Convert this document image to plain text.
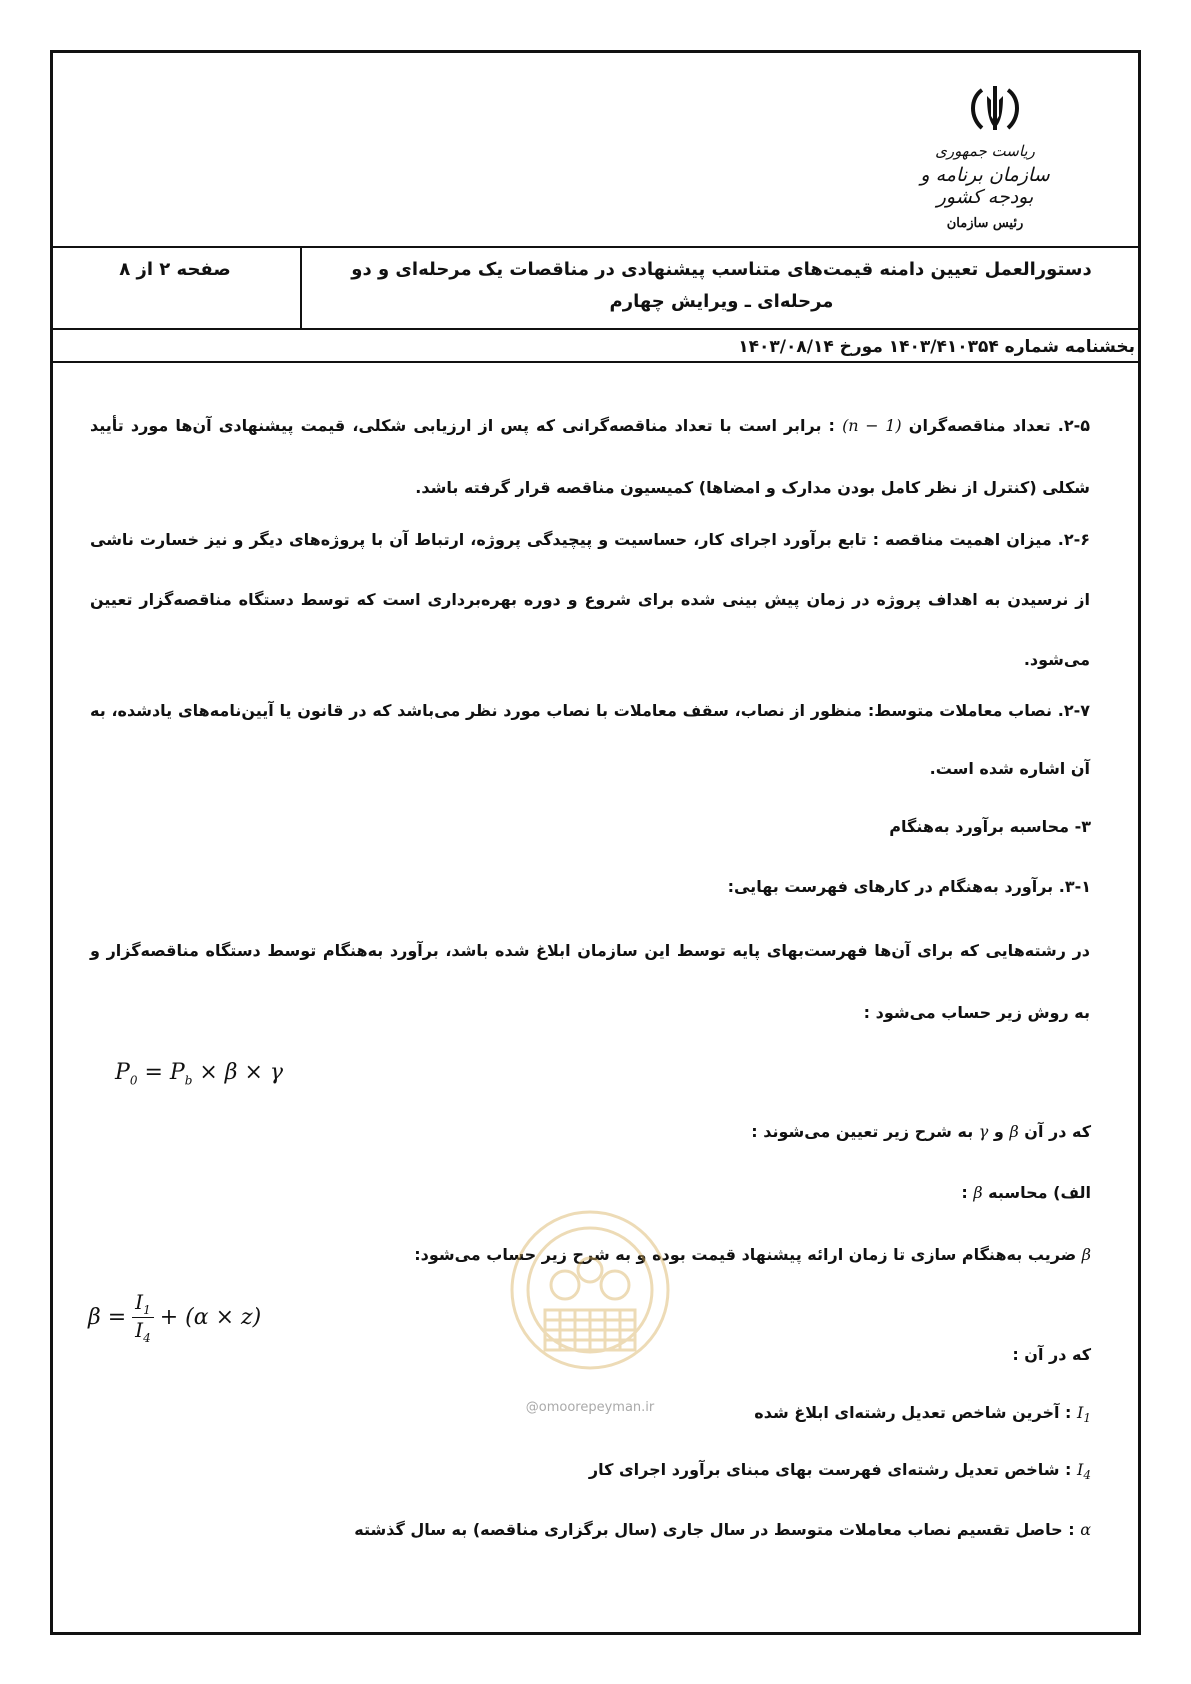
ریاست جمهوری
سازمان برنامه و بودجه کشور
رئیس سازمان
دستورالعمل تعیین دامنه قیمت‌های متناسب پیشنهادی در مناقصات یک مرحله‌ای و دو مرحله‌ای ـ ویرایش چهارم
صفحه ۲ از ۸
بخشنامه شماره ۱۴۰۳/۴۱۰۳۵۴ مورخ ۱۴۰۳/۰۸/۱۴
۲-۵. تعداد مناقصه‌گران (n − 1) : برابر است با تعداد مناقصه‌گرانی که پس از ارزیابی شکلی، قیمت پیشنهادی آن‌ها مورد تأیید شکلی (کنترل از نظر کامل بودن مدارک و امضاها) کمیسیون مناقصه قرار گرفته باشد.
۲-۶. میزان اهمیت مناقصه : تابع برآورد اجرای کار، حساسیت و پیچیدگی پروژه، ارتباط آن با پروژه‌های دیگر و نیز خسارت ناشی از نرسیدن به اهداف پروژه در زمان پیش بینی شده برای شروع و دوره بهره‌برداری است که توسط دستگاه مناقصه‌گزار تعیین می‌شود.
۲-۷. نصاب معاملات متوسط: منظور از نصاب، سقف معاملات با نصاب مورد نظر می‌باشد که در قانون یا آیین‌نامه‌های یادشده، به آن اشاره شده است.
۳- محاسبه برآورد به‌هنگام
۳-۱. برآورد به‌هنگام در کارهای فهرست بهایی:
در رشته‌هایی که برای آن‌ها فهرست‌بهای پایه توسط این سازمان ابلاغ شده باشد، برآورد به‌هنگام توسط دستگاه مناقصه‌گزار و به روش زیر حساب می‌شود :
$P_0 = P_b \times \beta \times \gamma$
که در آن β و γ به شرح زیر تعیین می‌شوند :
الف) محاسبه β :
β ضریب به‌هنگام سازی تا زمان ارائه پیشنهاد قیمت بوده و به شرح زیر حساب می‌شود:
$\beta = \frac{I_1}{I_4} + (\alpha \times z)$
@omoorepeyman.ir
که در آن :
$I_1$ : آخرین شاخص تعدیل رشته‌ای ابلاغ شده
$I_4$ : شاخص تعدیل رشته‌ای فهرست بهای مبنای برآورد اجرای کار
α : حاصل تقسیم نصاب معاملات متوسط در سال جاری (سال برگزاری مناقصه) به سال گذشته
